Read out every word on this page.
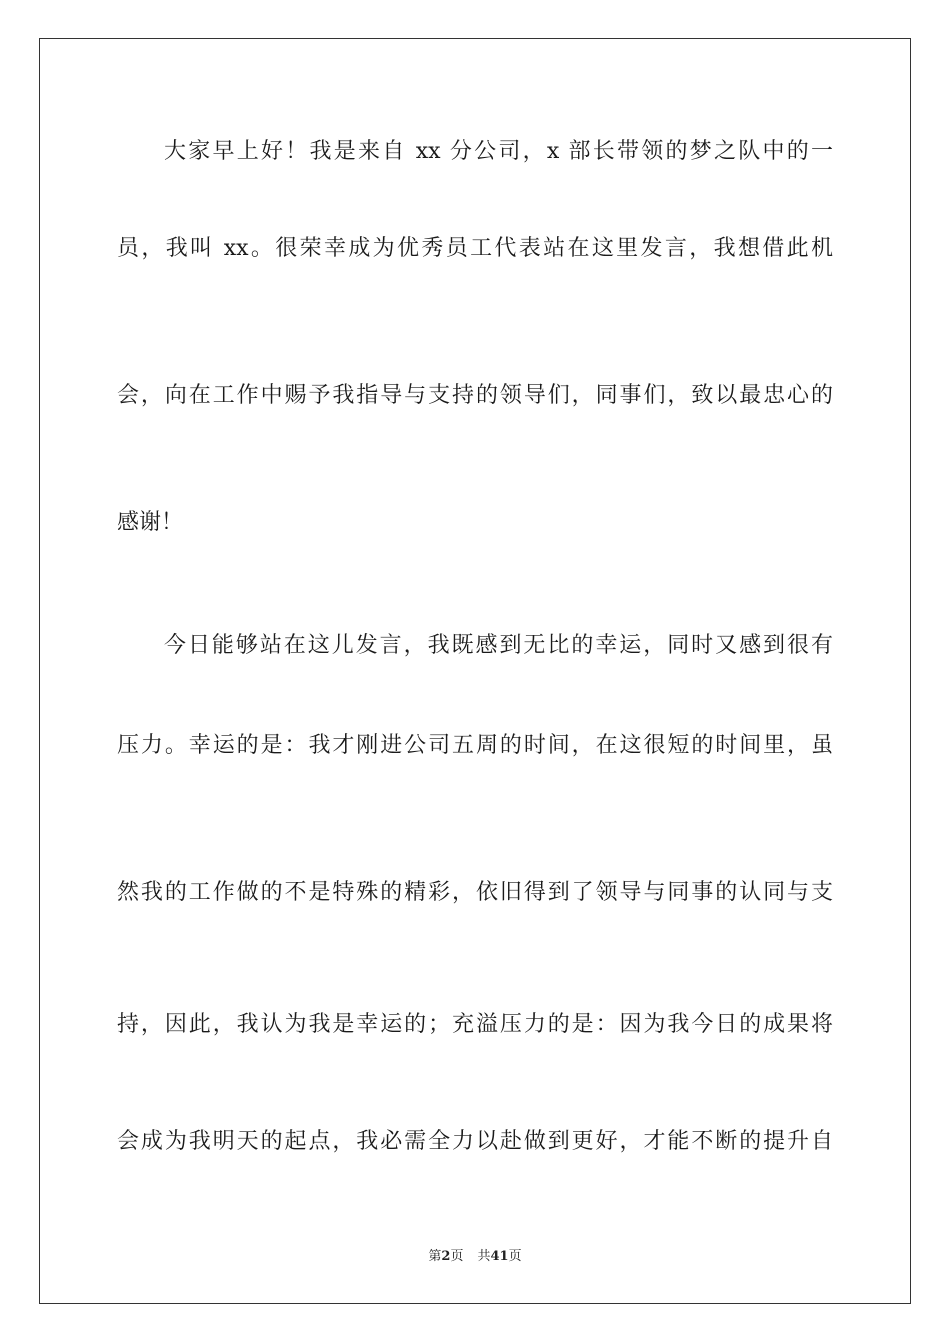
大家早上好！我是来自 xx 分公司，x 部长带领的梦之队中的一
员，我叫 xx。很荣幸成为优秀员工代表站在这里发言，我想借此机
会，向在工作中赐予我指导与支持的领导们，同事们，致以最忠心的
感谢！
今日能够站在这儿发言，我既感到无比的幸运，同时又感到很有
压力。幸运的是：我才刚进公司五周的时间，在这很短的时间里，虽
然我的工作做的不是特殊的精彩，依旧得到了领导与同事的认同与支
持，因此，我认为我是幸运的；充溢压力的是：因为我今日的成果将
会成为我明天的起点，我必需全力以赴做到更好，才能不断的提升自
第2页 共41页
